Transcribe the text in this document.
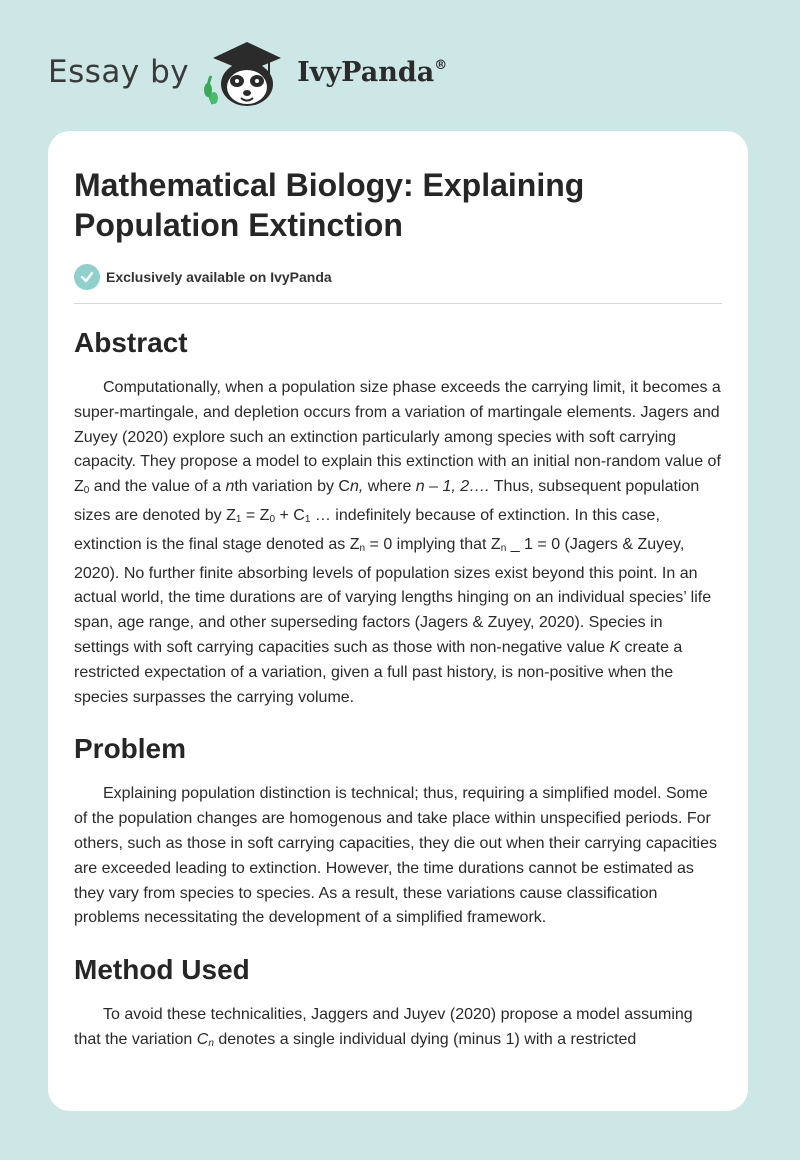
Essay by	IvyPanda®
Mathematical Biology: Explaining Population Extinction
Exclusively available on IvyPanda
Abstract

Computationally, when a population size phase exceeds the carrying limit, it becomes a super-martingale, and depletion occurs from a variation of martingale elements. Jagers and Zuyey (2020) explore such an extinction particularly among species with soft carrying capacity. They propose a model to explain this extinction with an initial non-random value of $Z_0$ and the value of a nth variation by Cn, where n – 1, 2…. Thus, subsequent population sizes are denoted by $Z_1 = Z_0 + C_1$ … indefinitely because of extinction. In this case, extinction is the final stage denoted as $Z_n = 0$ implying that $Z_n$ _ 1 = 0 (Jagers & Zuyey, 2020). No further finite absorbing levels of population sizes exist beyond this point. In an actual world, the time durations are of varying lengths hinging on an individual species’ life span, age range, and other superseding factors (Jagers & Zuyey, 2020). Species in settings with soft carrying capacities such as those with non-negative value K create a restricted expectation of a variation, given a full past history, is non-positive when the species surpasses the carrying volume.

Problem

Explaining population distinction is technical; thus, requiring a simplified model. Some of the population changes are homogenous and take place within unspecified periods. For others, such as those in soft carrying capacities, they die out when their carrying capacities are exceeded leading to extinction. However, the time durations cannot be estimated as they vary from species to species. As a result, these variations cause classification problems necessitating the development of a simplified framework.

Method Used

To avoid these technicalities, Jaggers and Juyev (2020) propose a model assuming that the variation $C_n$ denotes a single individual dying (minus 1) with a restricted
